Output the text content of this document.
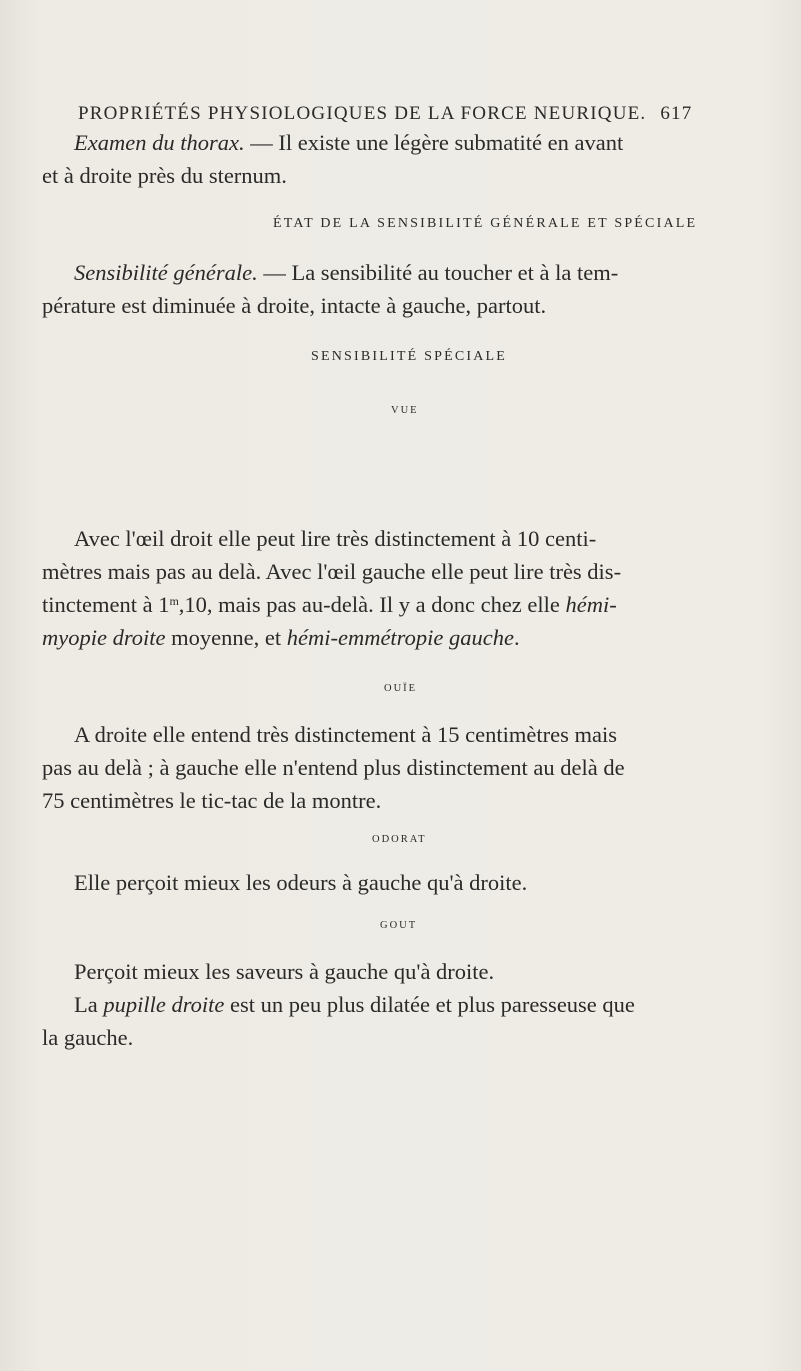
PROPRIÉTÉS PHYSIOLOGIQUES DE LA FORCE NEURIQUE. 617
Examen du thorax. — Il existe une légère submatité en avant
et à droite près du sternum.
ÉTAT DE LA SENSIBILITÉ GÉNÉRALE ET SPÉCIALE
Sensibilité générale. — La sensibilité au toucher et à la tem-
pérature est diminuée à droite, intacte à gauche, partout.
SENSIBILITÉ SPÉCIALE
VUE
Avec l'œil droit elle peut lire très distinctement à 10 centi-
mètres mais pas au delà. Avec l'œil gauche elle peut lire très dis-
tinctement à 1$^m$,10, mais pas au-delà. Il y a donc chez elle hémi-
myopie droite moyenne, et hémi-emmétropie gauche.
OUÏE
A droite elle entend très distinctement à 15 centimètres mais
pas au delà ; à gauche elle n'entend plus distinctement au delà de
75 centimètres le tic-tac de la montre.
ODORAT
Elle perçoit mieux les odeurs à gauche qu'à droite.
GOUT
Perçoit mieux les saveurs à gauche qu'à droite.
La pupille droite est un peu plus dilatée et plus paresseuse que
la gauche.
